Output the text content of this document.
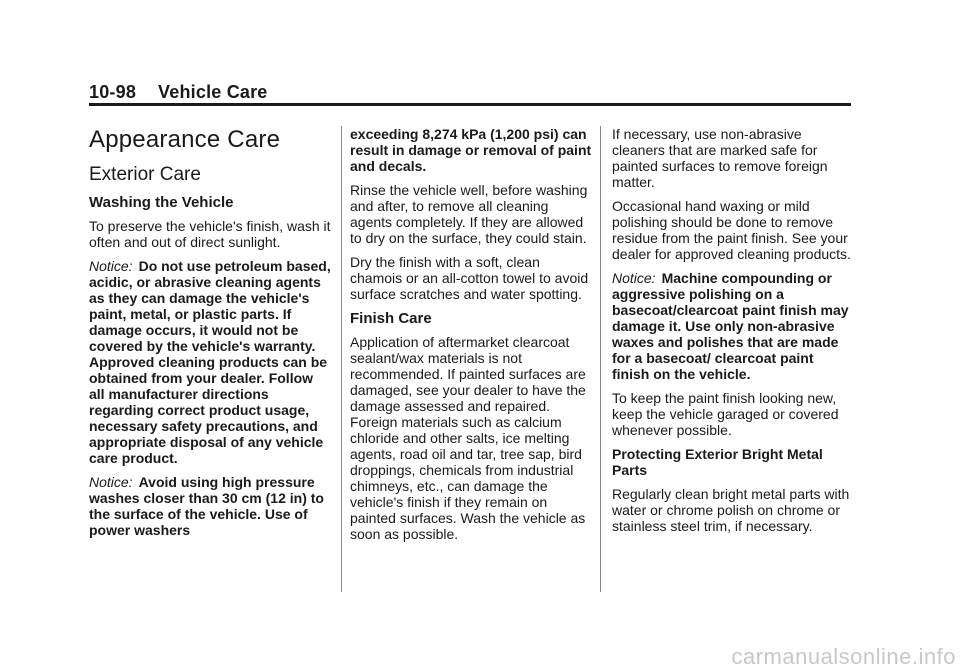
10-98 Vehicle Care
Appearance Care
Exterior Care
Washing the Vehicle

To preserve the vehicle's finish, wash it often and out of direct sunlight.

Notice: Do not use petroleum based, acidic, or abrasive cleaning agents as they can damage the vehicle's paint, metal, or plastic parts. If damage occurs, it would not be covered by the vehicle's warranty. Approved cleaning products can be obtained from your dealer. Follow all manufacturer directions regarding correct product usage, necessary safety precautions, and appropriate disposal of any vehicle care product.

Notice: Avoid using high pressure washes closer than 30 cm (12 in) to the surface of the vehicle. Use of power washers

exceeding 8,274 kPa (1,200 psi) can result in damage or removal of paint and decals.

Rinse the vehicle well, before washing and after, to remove all cleaning agents completely. If they are allowed to dry on the surface, they could stain.

Dry the finish with a soft, clean chamois or an all-cotton towel to avoid surface scratches and water spotting.

Finish Care

Application of aftermarket clearcoat sealant/wax materials is not recommended. If painted surfaces are damaged, see your dealer to have the damage assessed and repaired. Foreign materials such as calcium chloride and other salts, ice melting agents, road oil and tar, tree sap, bird droppings, chemicals from industrial chimneys, etc., can damage the vehicle's finish if they remain on painted surfaces. Wash the vehicle as soon as possible.

If necessary, use non-abrasive cleaners that are marked safe for painted surfaces to remove foreign matter.

Occasional hand waxing or mild polishing should be done to remove residue from the paint finish. See your dealer for approved cleaning products.

Notice: Machine compounding or aggressive polishing on a basecoat/clearcoat paint finish may damage it. Use only non-abrasive waxes and polishes that are made for a basecoat/ clearcoat paint finish on the vehicle.

To keep the paint finish looking new, keep the vehicle garaged or covered whenever possible.

Protecting Exterior Bright Metal Parts

Regularly clean bright metal parts with water or chrome polish on chrome or stainless steel trim, if necessary.

carmanualsonline.info
